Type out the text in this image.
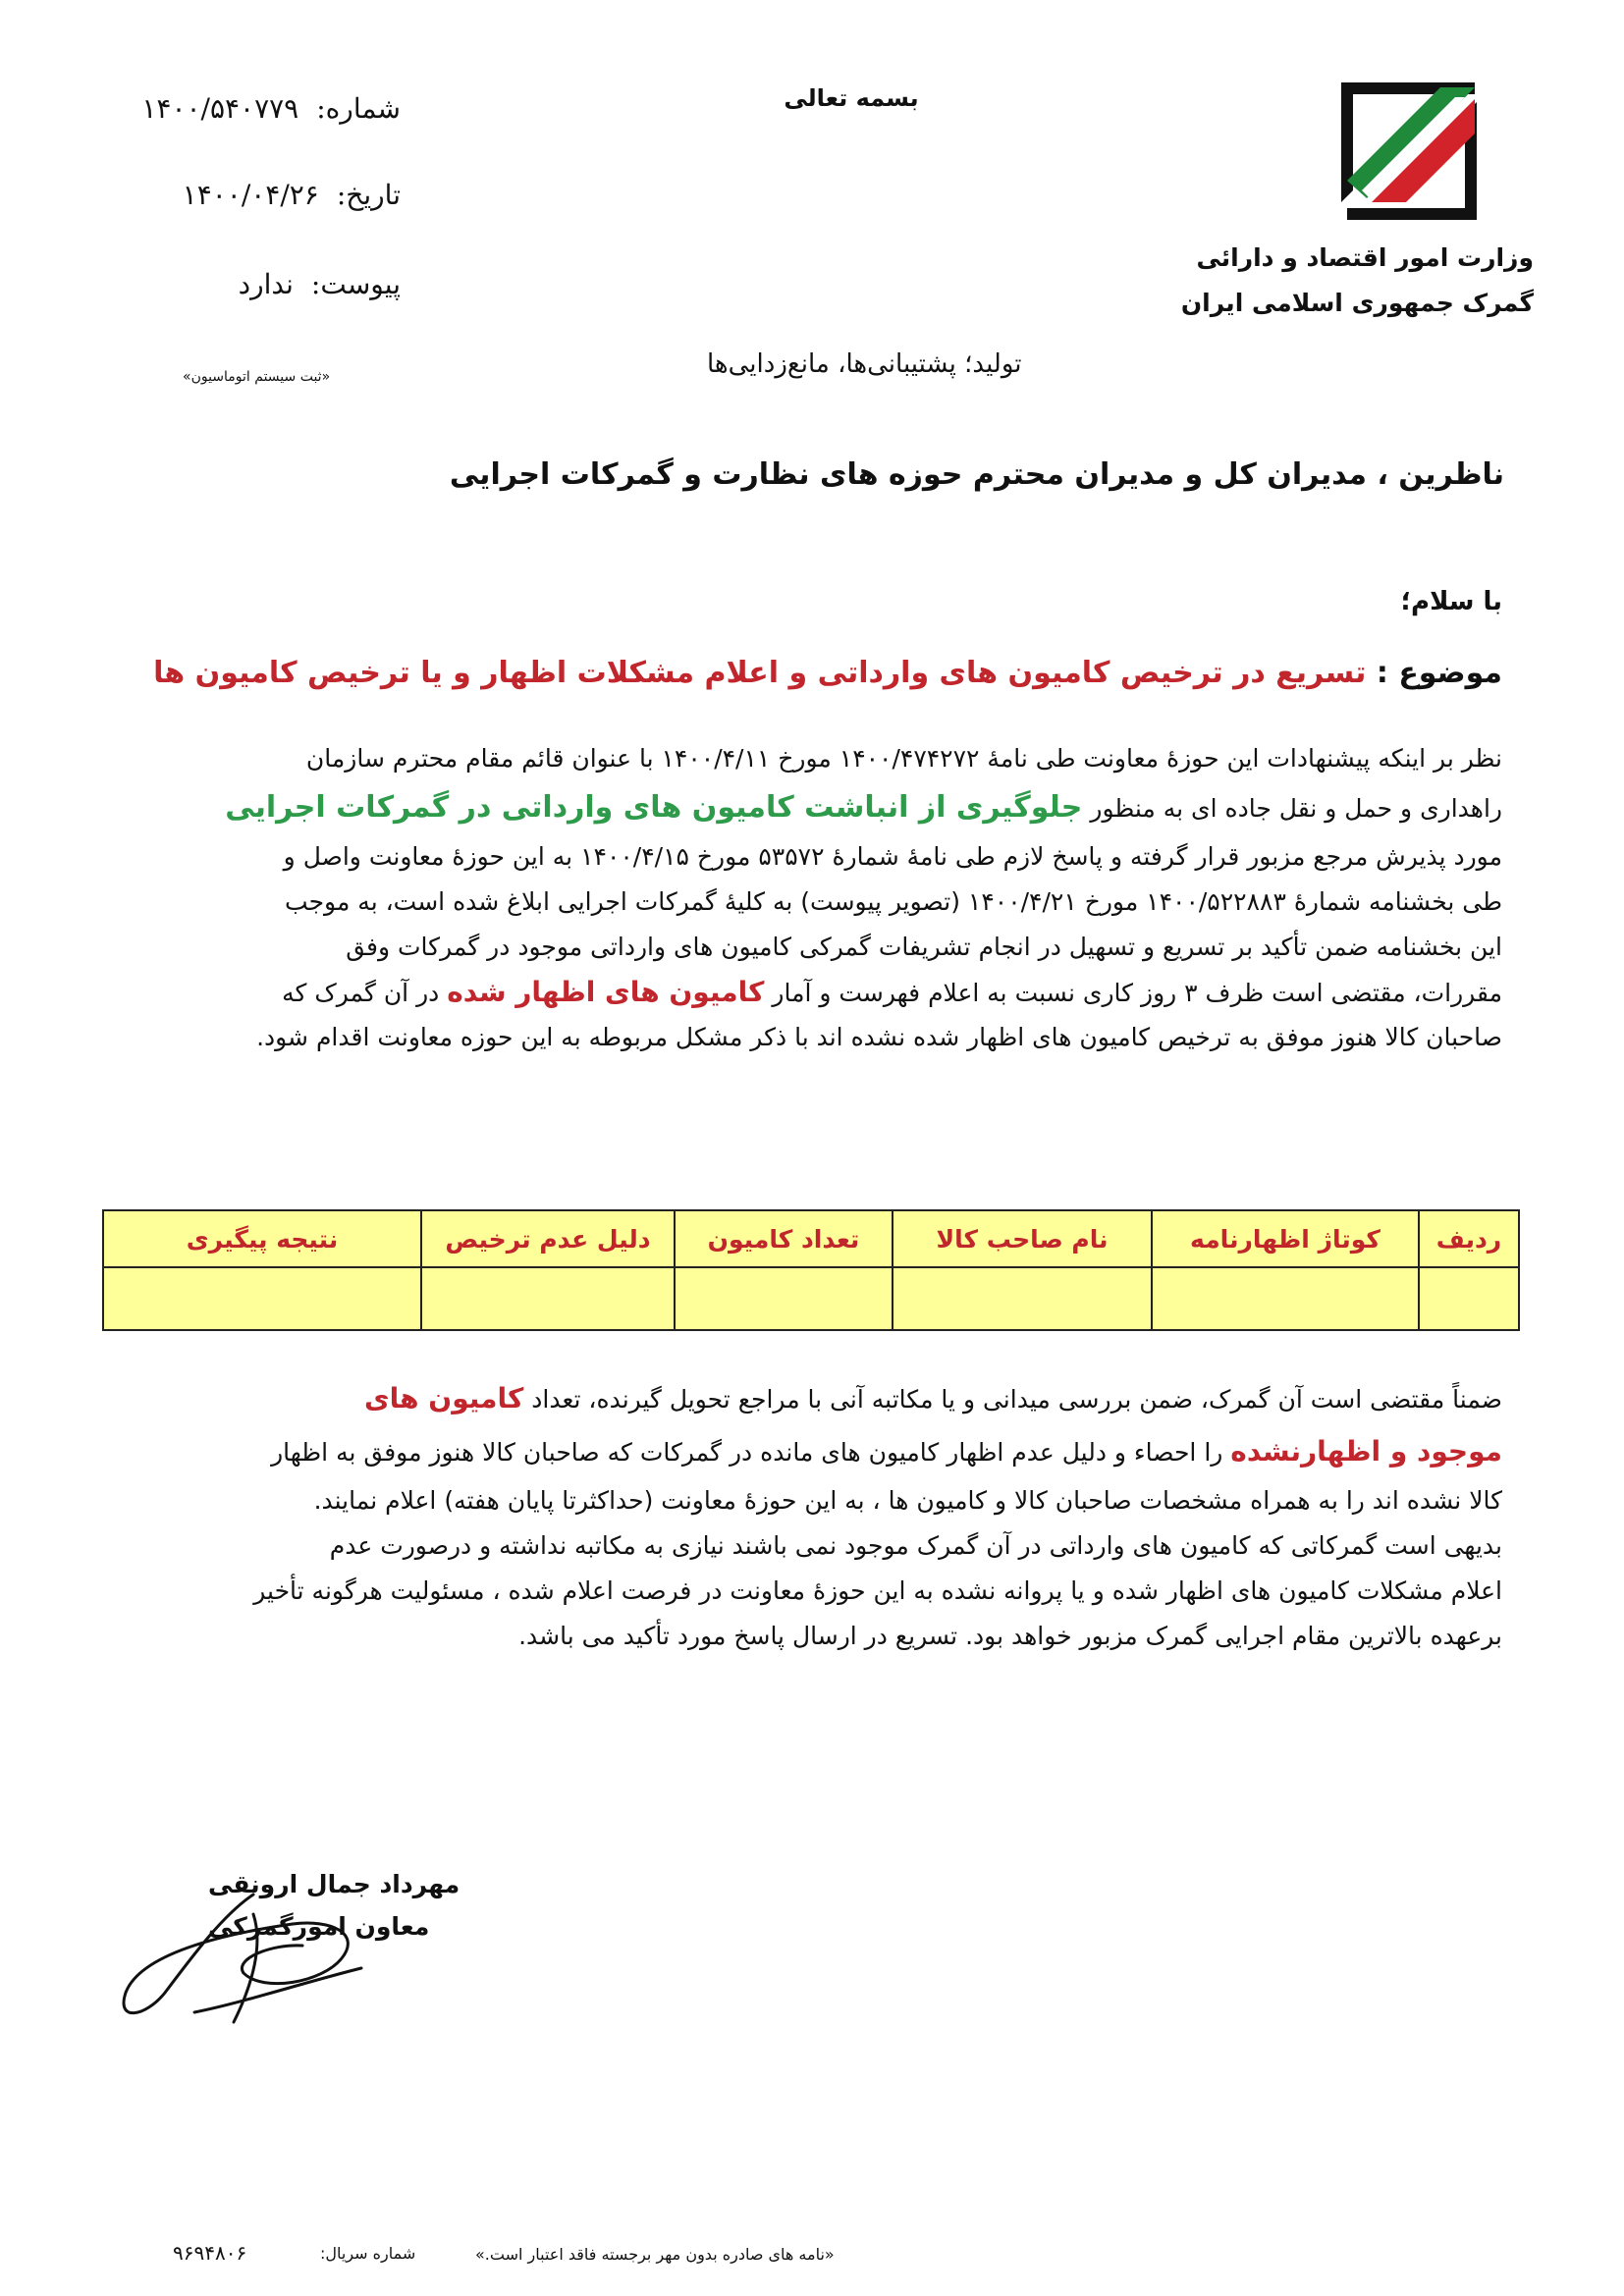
وزارت امور اقتصاد و دارائی
گمرک جمهوری اسلامی ایران
بسمه تعالی
شماره:
۱۴۰۰/۵۴۰۷۷۹
تاریخ:
۱۴۰۰/۰۴/۲۶
پیوست:
ندارد
«ثبت سیستم اتوماسیون»	تولید؛ پشتیبانی‌ها، مانع‌زدایی‌ها
ناظرین ، مدیران کل و مدیران محترم حوزه های نظارت و گمرکات اجرایی
با سلام؛
موضوع : تسریع در ترخیص کامیون های وارداتی و اعلام مشکلات اظهار و یا ترخیص کامیون ها
نظر بر اینکه پیشنهادات این حوزهٔ معاونت طی نامهٔ ۱۴۰۰/۴۷۴۲۷۲ مورخ ۱۴۰۰/۴/۱۱ با عنوان قائم مقام محترم سازمان
راهداری و حمل و نقل جاده ای به منظور جلوگیری از انباشت کامیون های وارداتی در گمرکات اجرایی
مورد پذیرش مرجع مزبور قرار گرفته و پاسخ لازم طی نامهٔ شمارهٔ ۵۳۵۷۲ مورخ ۱۴۰۰/۴/۱۵ به این حوزهٔ معاونت واصل و
طی بخشنامه شمارهٔ ۱۴۰۰/۵۲۲۸۸۳ مورخ ۱۴۰۰/۴/۲۱ (تصویر پیوست) به کلیهٔ گمرکات اجرایی ابلاغ شده است، به موجب
این بخشنامه ضمن تأکید بر تسریع و تسهیل در انجام تشریفات گمرکی کامیون های وارداتی موجود در گمرکات وفق
مقررات، مقتضی است ظرف ۳ روز کاری نسبت به اعلام فهرست و آمار کامیون های اظهار شده در آن گمرک که
صاحبان کالا هنوز موفق به ترخیص کامیون های اظهار شده نشده اند با ذکر مشکل مربوطه به این حوزه معاونت اقدام شود.
ردیف	کوتاژ اظهارنامه	نام صاحب کالا	تعداد کامیون	دلیل عدم ترخیص	نتیجه پیگیری

ضمناً مقتضی است آن گمرک، ضمن بررسی میدانی و یا مکاتبه آنی با مراجع تحویل گیرنده، تعداد کامیون های
موجود و اظهارنشده را احصاء و دلیل عدم اظهار کامیون های مانده در گمرکات که صاحبان کالا هنوز موفق به اظهار
کالا نشده اند را به همراه مشخصات صاحبان کالا و کامیون ها ، به این حوزهٔ معاونت (حداکثرتا پایان هفته) اعلام نمایند.
بدیهی است گمرکاتی که کامیون های وارداتی در آن گمرک موجود نمی باشند نیازی به مکاتبه نداشته و درصورت عدم
اعلام مشکلات کامیون های اظهار شده و یا پروانه نشده به این حوزهٔ معاونت در فرصت اعلام شده ، مسئولیت هرگونه تأخیر
برعهده بالاترین مقام اجرایی گمرک مزبور خواهد بود. تسریع در ارسال پاسخ مورد تأکید می باشد.
مهرداد جمال ارونقی
معاون امورگمرکی
۹۶۹۴۸۰۶	شماره سریال:	«نامه های صادره بدون مهر برجسته فاقد اعتبار است.»
